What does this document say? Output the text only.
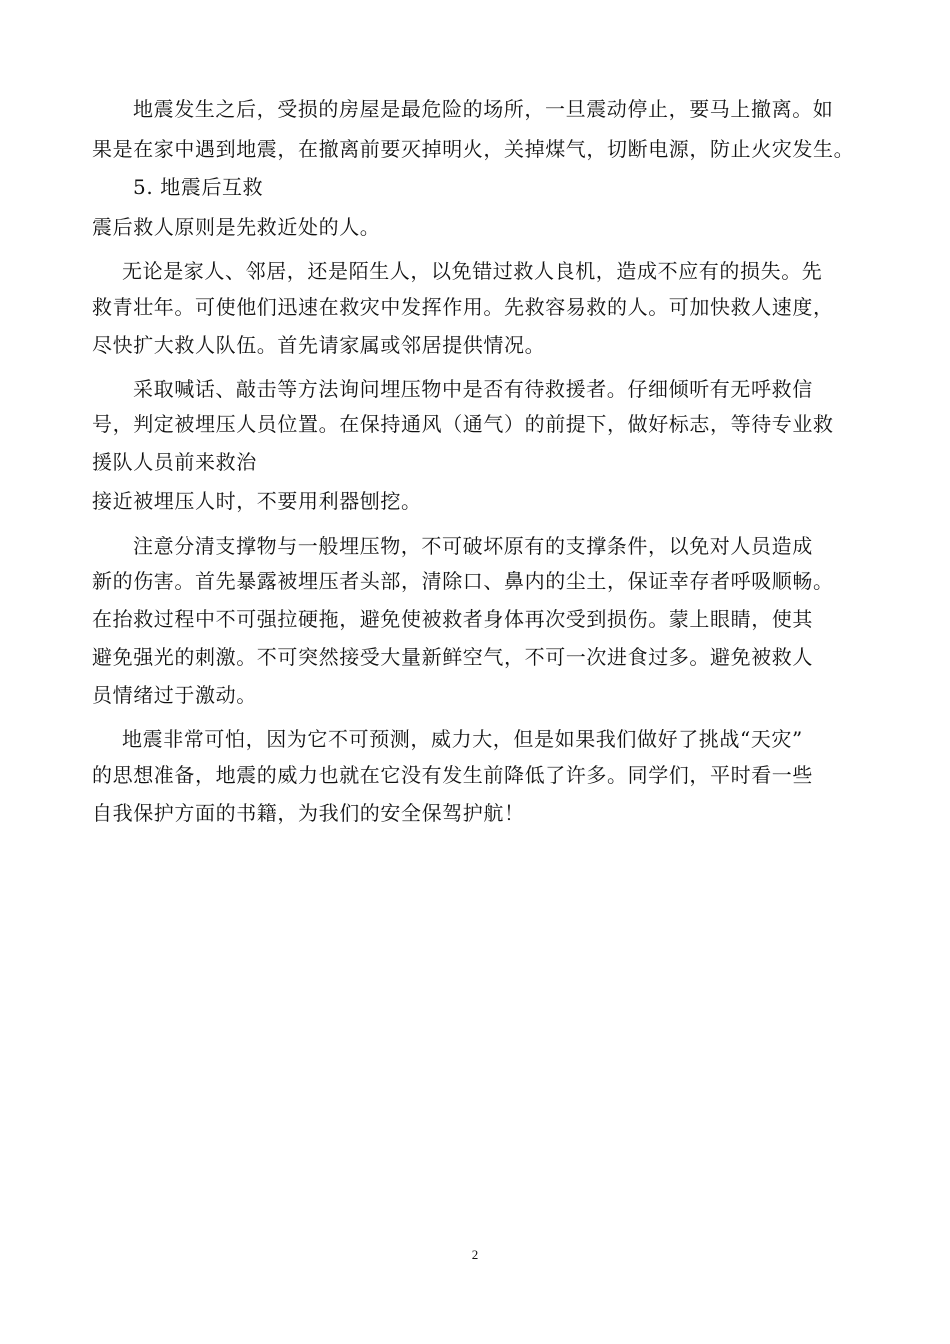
地震发生之后，受损的房屋是最危险的场所，一旦震动停止，要马上撤离。如
果是在家中遇到地震，在撤离前要灭掉明火，关掉煤气，切断电源，防止火灾发生。
5. 地震后互救
震后救人原则是先救近处的人。
无论是家人、邻居，还是陌生人，以免错过救人良机，造成不应有的损失。先
救青壮年。可使他们迅速在救灾中发挥作用。先救容易救的人。可加快救人速度，
尽快扩大救人队伍。首先请家属或邻居提供情况。
采取喊话、敲击等方法询问埋压物中是否有待救援者。仔细倾听有无呼救信
号，判定被埋压人员位置。在保持通风（通气）的前提下，做好标志，等待专业救
援队人员前来救治
接近被埋压人时，不要用利器刨挖。
注意分清支撑物与一般埋压物，不可破坏原有的支撑条件，以免对人员造成
新的伤害。首先暴露被埋压者头部，清除口、鼻内的尘土，保证幸存者呼吸顺畅。
在抬救过程中不可强拉硬拖，避免使被救者身体再次受到损伤。蒙上眼睛，使其
避免强光的刺激。不可突然接受大量新鲜空气，不可一次进食过多。避免被救人
员情绪过于激动。
地震非常可怕，因为它不可预测，威力大，但是如果我们做好了挑战“天灾”
的思想准备，地震的威力也就在它没有发生前降低了许多。同学们，平时看一些
自我保护方面的书籍，为我们的安全保驾护航！
2
